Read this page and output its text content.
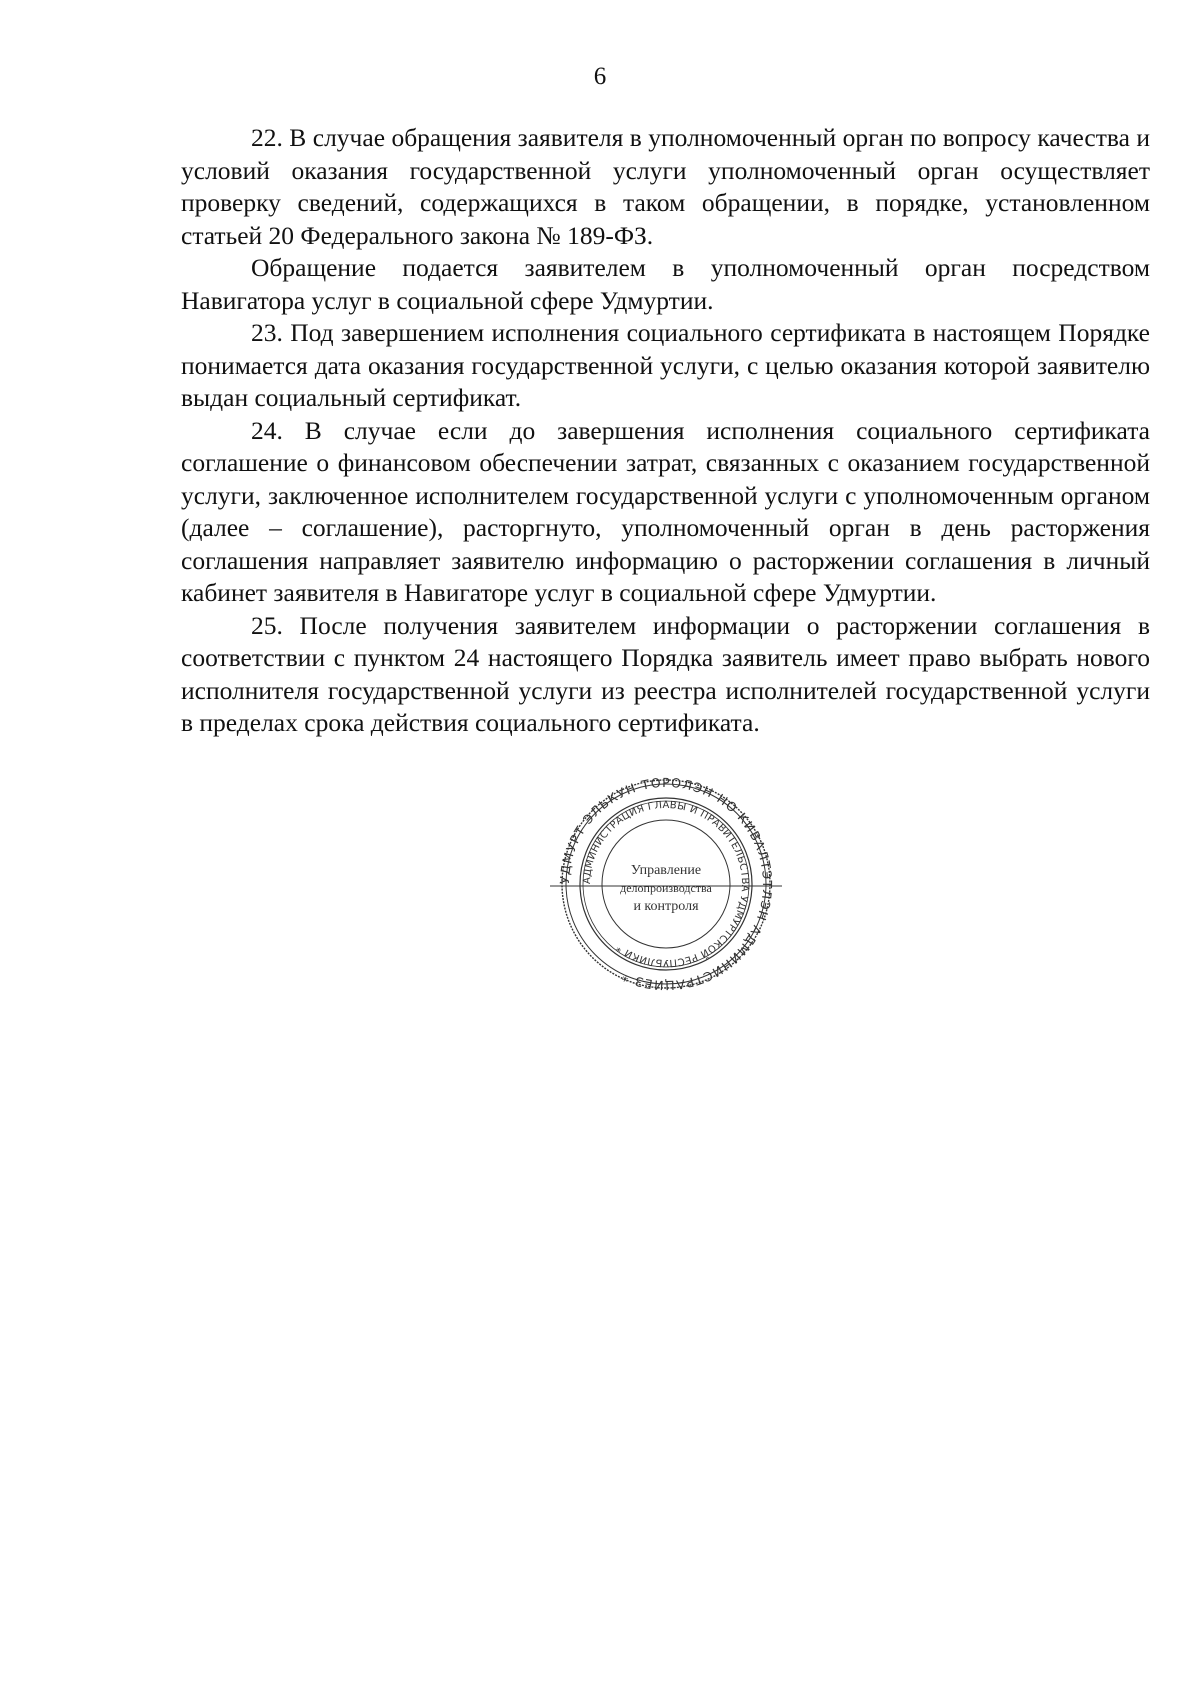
6

22. В случае обращения заявителя в уполномоченный орган по вопросу качества и условий оказания государственной услуги уполномоченный орган осуществляет проверку сведений, содержащихся в таком обращении, в порядке, установленном статьей 20 Федерального закона № 189-ФЗ.

Обращение подается заявителем в уполномоченный орган посредством Навигатора услуг в социальной сфере Удмуртии.

23. Под завершением исполнения социального сертификата в настоящем Порядке понимается дата оказания государственной услуги, с целью оказания которой заявителю выдан социальный сертификат.

24. В случае если до завершения исполнения социального сертификата соглашение о финансовом обеспечении затрат, связанных с оказанием государственной услуги, заключенное исполнителем государственной услуги с уполномоченным органом (далее – соглашение), расторгнуто, уполномоченный орган в день расторжения соглашения направляет заявителю информацию о расторжении соглашения в личный кабинет заявителя в Навигаторе услуг в социальной сфере Удмуртии.

25. После получения заявителем информации о расторжении соглашения в соответствии с пунктом 24 настоящего Порядка заявитель имеет право выбрать нового исполнителя государственной услуги из реестра исполнителей государственной услуги в пределах срока действия социального сертификата.

УДМУРТ ЭЛЬКУН ТОРОЛЭН НО КИВАЛТЭТЛЭН АДМИНИСТРАЦИЕЗ *
АДМИНИСТРАЦИЯ ГЛАВЫ И ПРАВИТЕЛЬСТВА УДМУРТСКОЙ РЕСПУБЛИКИ *
Управление
делопроизводства
и контроля
